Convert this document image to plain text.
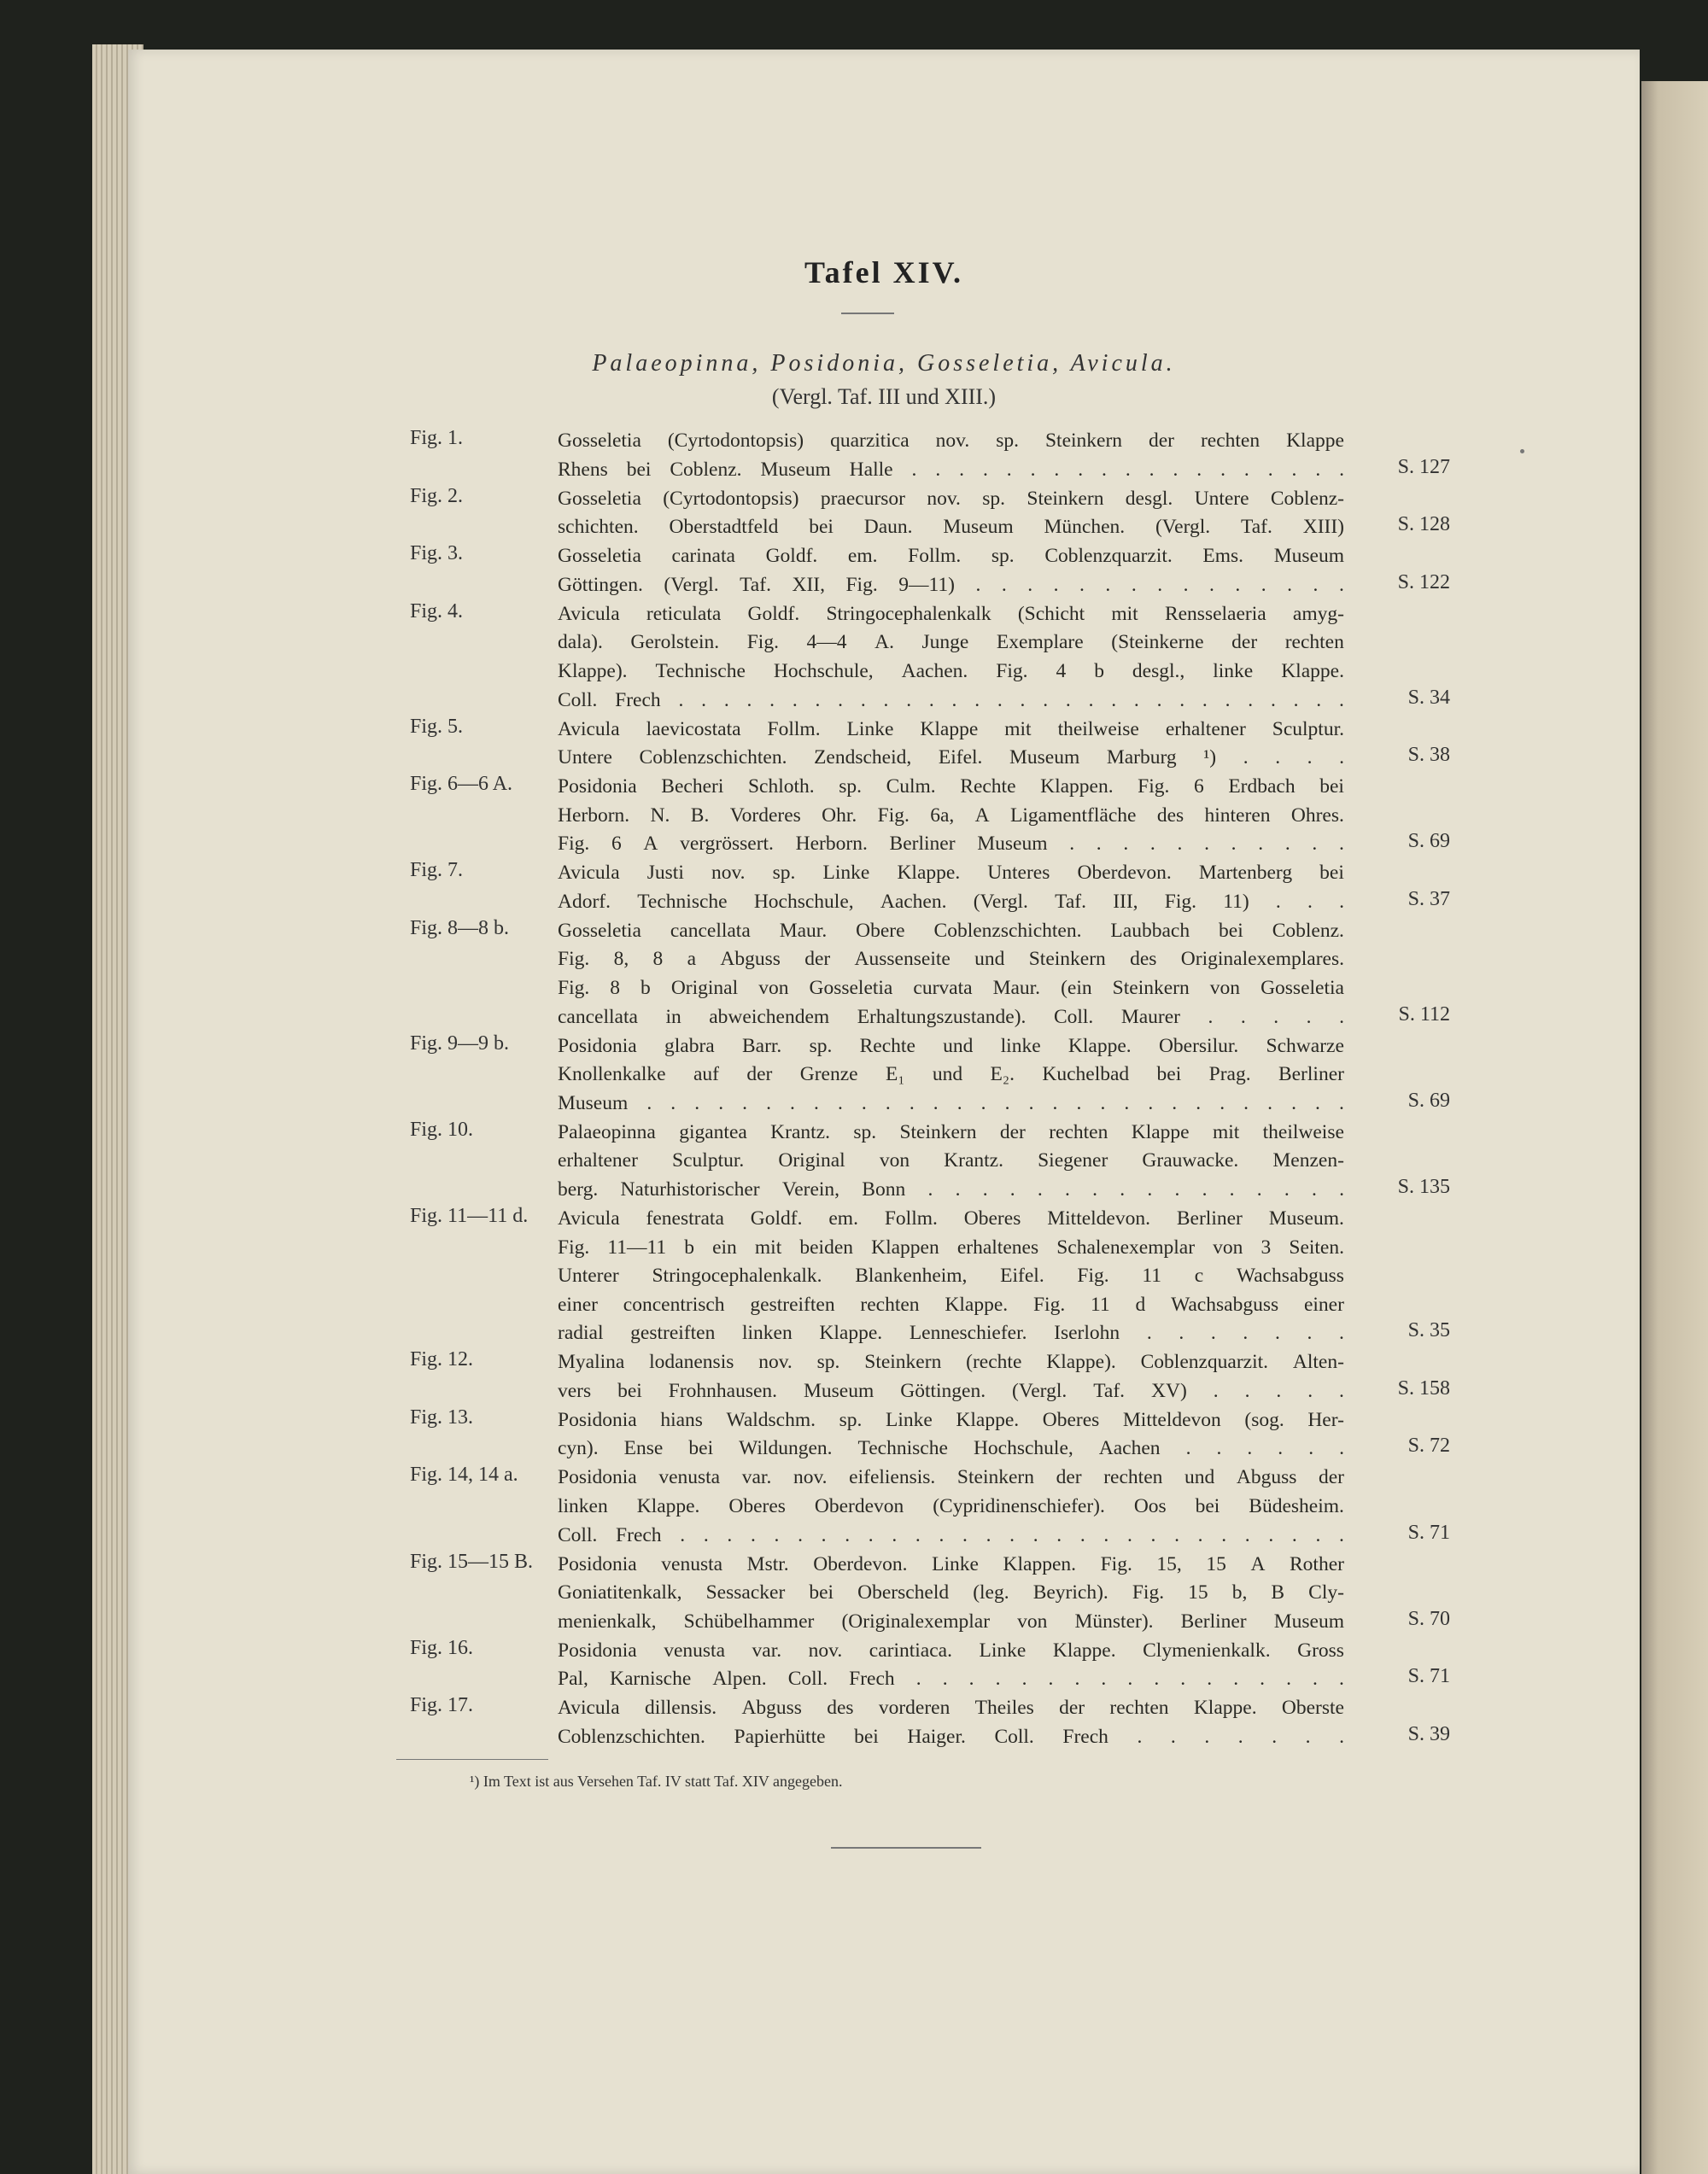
Tafel XIV.
Palaeopinna, Posidonia, Gosseletia, Avicula.
(Vergl. Taf. III und XIII.)
Fig. 1.	Gosseletia (Cyrtodontopsis) quarzitica nov. sp. Steinkern der rechten Klappe
Rhens bei Coblenz. Museum Halle . . . . . . . . . . . . . . . . . . .	S. 127
Fig. 2.	Gosseletia (Cyrtodontopsis) praecursor nov. sp. Steinkern desgl. Untere Coblenz-
schichten. Oberstadtfeld bei Daun. Museum München. (Vergl. Taf. XIII)	S. 128
Fig. 3.	Gosseletia carinata Goldf. em. Follm. sp. Coblenzquarzit. Ems. Museum
Göttingen. (Vergl. Taf. XII, Fig. 9—11) . . . . . . . . . . . . . . .	S. 122
Fig. 4.	Avicula reticulata Goldf. Stringocephalenkalk (Schicht mit Rensselaeria amyg-
dala). Gerolstein. Fig. 4—4 A. Junge Exemplare (Steinkerne der rechten
Klappe). Technische Hochschule, Aachen. Fig. 4 b desgl., linke Klappe.
Coll. Frech . . . . . . . . . . . . . . . . . . . . . . . . . . . . . .	S. 34
Fig. 5.	Avicula laevicostata Follm. Linke Klappe mit theilweise erhaltener Sculptur.
Untere Coblenzschichten. Zendscheid, Eifel. Museum Marburg ¹) . . . .	S. 38
Fig. 6—6 A. Posidonia Becheri Schloth. sp. Culm. Rechte Klappen. Fig. 6 Erdbach bei
Herborn. N. B. Vorderes Ohr. Fig. 6a, A Ligamentfläche des hinteren Ohres.
Fig. 6 A vergrössert. Herborn. Berliner Museum . . . . . . . . . . .	S. 69
Fig. 7.	Avicula Justi nov. sp. Linke Klappe. Unteres Oberdevon. Martenberg bei
Adorf. Technische Hochschule, Aachen. (Vergl. Taf. III, Fig. 11) . . .	S. 37
Fig. 8—8 b. Gosseletia cancellata Maur. Obere Coblenzschichten. Laubbach bei Coblenz.
Fig. 8, 8 a Abguss der Aussenseite und Steinkern des Originalexemplares.
Fig. 8 b Original von Gosseletia curvata Maur. (ein Steinkern von Gosseletia
cancellata in abweichendem Erhaltungszustande). Coll. Maurer . . . . .	S. 112
Fig. 9—9 b. Posidonia glabra Barr. sp. Rechte und linke Klappe. Obersilur. Schwarze
Knollenkalke auf der Grenze E₁ und E₂. Kuchelbad bei Prag. Berliner
Museum . . . . . . . . . . . . . . . . . . . . . . . . . . . . . .	S. 69
Fig. 10.	Palaeopinna gigantea Krantz. sp. Steinkern der rechten Klappe mit theilweise
erhaltener Sculptur. Original von Krantz. Siegener Grauwacke. Menzen-
berg. Naturhistorischer Verein, Bonn . . . . . . . . . . . . . . . .	S. 135
Fig. 11—11 d. Avicula fenestrata Goldf. em. Follm. Oberes Mitteldevon. Berliner Museum.
Fig. 11—11 b ein mit beiden Klappen erhaltenes Schalenexemplar von 3 Seiten.
Unterer Stringocephalenkalk. Blankenheim, Eifel. Fig. 11 c Wachsabguss
einer concentrisch gestreiften rechten Klappe. Fig. 11 d Wachsabguss einer
radial gestreiften linken Klappe. Lenneschiefer. Iserlohn . . . . . . .	S. 35
Fig. 12.	Myalina lodanensis nov. sp. Steinkern (rechte Klappe). Coblenzquarzit. Alten-
vers bei Frohnhausen. Museum Göttingen. (Vergl. Taf. XV) . . . . .	S. 158
Fig. 13.	Posidonia hians Waldschm. sp. Linke Klappe. Oberes Mitteldevon (sog. Her-
cyn). Ense bei Wildungen. Technische Hochschule, Aachen . . . . . .	S. 72
Fig. 14, 14 a. Posidonia venusta var. nov. eifeliensis. Steinkern der rechten und Abguss der
linken Klappe. Oberes Oberdevon (Cypridinenschiefer). Oos bei Büdesheim.
Coll. Frech . . . . . . . . . . . . . . . . . . . . . . . . . . . . .	S. 71
Fig. 15—15 B. Posidonia venusta Mstr. Oberdevon. Linke Klappen. Fig. 15, 15 A Rother
Goniatitenkalk, Sessacker bei Oberscheld (leg. Beyrich). Fig. 15 b, B Cly-
menienkalk, Schübelhammer (Originalexemplar von Münster). Berliner Museum	S. 70
Fig. 16.	Posidonia venusta var. nov. carintiaca. Linke Klappe. Clymenienkalk. Gross
Pal, Karnische Alpen. Coll. Frech . . . . . . . . . . . . . . . . .	S. 71
Fig. 17.	Avicula dillensis. Abguss des vorderen Theiles der rechten Klappe. Oberste
Coblenzschichten. Papierhütte bei Haiger. Coll. Frech . . . . . . .	S. 39
¹) Im Text ist aus Versehen Taf. IV statt Taf. XIV angegeben.
